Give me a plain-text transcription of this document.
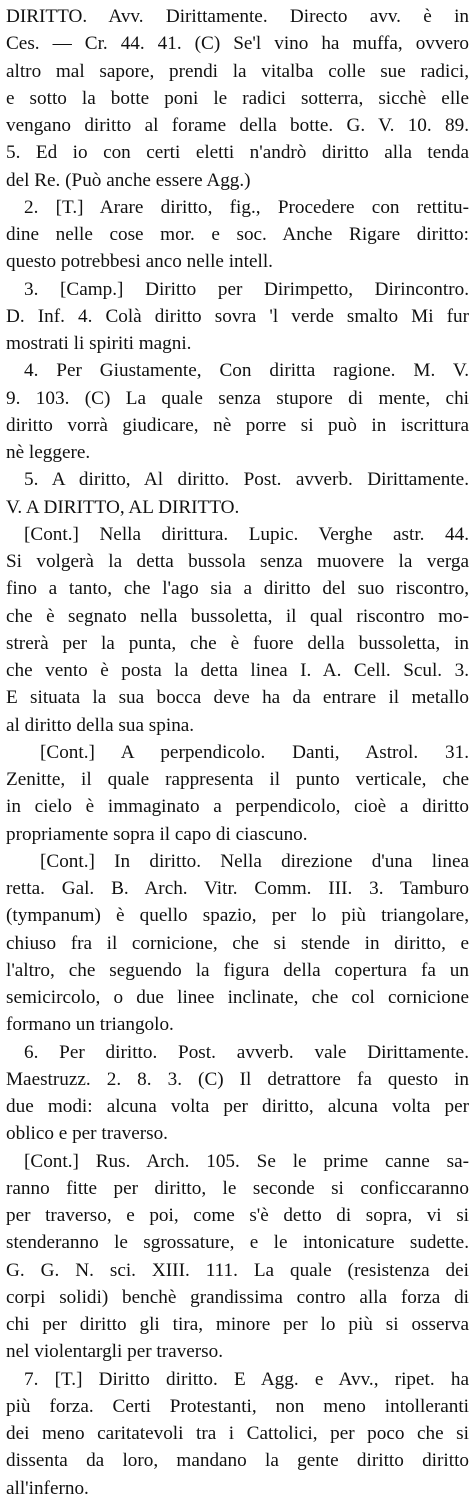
DIRITTO. Avv. Dirittamente. Directo avv. è in
Ces. — Cr. 44. 41. (C) Se'l vino ha muffa, ovvero
altro mal sapore, prendi la vitalba colle sue radici,
e sotto la botte poni le radici sotterra, sicchè elle
vengano diritto al forame della botte. G. V. 10. 89.
5. Ed io con certi eletti n'andrò diritto alla tenda
del Re. (Può anche essere Agg.)
2. [T.] Arare diritto, fig., Procedere con rettitu-
dine nelle cose mor. e soc. Anche Rigare diritto:
questo potrebbesi anco nelle intell.
3. [Camp.] Diritto per Dirimpetto, Dirincontro.
D. Inf. 4. Colà diritto sovra 'l verde smalto Mi fur
mostrati li spiriti magni.
4. Per Giustamente, Con diritta ragione. M. V.
9. 103. (C) La quale senza stupore di mente, chi
diritto vorrà giudicare, nè porre si può in iscrittura
nè leggere.
5. A diritto, Al diritto. Post. avverb. Dirittamente.
V. A DIRITTO, AL DIRITTO.
[Cont.] Nella dirittura. Lupic. Verghe astr. 44.
Si volgerà la detta bussola senza muovere la verga
fino a tanto, che l'ago sia a diritto del suo riscontro,
che è segnato nella bussoletta, il qual riscontro mo-
strerà per la punta, che è fuore della bussoletta, in
che vento è posta la detta linea I. A. Cell. Scul. 3.
E situata la sua bocca deve ha da entrare il metallo
al diritto della sua spina.
[Cont.] A perpendicolo. Danti, Astrol. 31.
Zenitte, il quale rappresenta il punto verticale, che
in cielo è immaginato a perpendicolo, cioè a diritto
propriamente sopra il capo di ciascuno.
[Cont.] In diritto. Nella direzione d'una linea
retta. Gal. B. Arch. Vitr. Comm. III. 3. Tamburo
(tympanum) è quello spazio, per lo più triangolare,
chiuso fra il cornicione, che si stende in diritto, e
l'altro, che seguendo la figura della copertura fa un
semicircolo, o due linee inclinate, che col cornicione
formano un triangolo.
6. Per diritto. Post. avverb. vale Dirittamente.
Maestruzz. 2. 8. 3. (C) Il detrattore fa questo in
due modi: alcuna volta per diritto, alcuna volta per
oblico e per traverso.
[Cont.] Rus. Arch. 105. Se le prime canne sa-
ranno fitte per diritto, le seconde si conficcaranno
per traverso, e poi, come s'è detto di sopra, vi si
stenderanno le sgrossature, e le intonicature sudette.
G. G. N. sci. XIII. 111. La quale (resistenza dei
corpi solidi) benchè grandissima contro alla forza di
chi per diritto gli tira, minore per lo più si osserva
nel violentargli per traverso.
7. [T.] Diritto diritto. E Agg. e Avv., ripet. ha
più forza. Certi Protestanti, non meno intolleranti
dei meno caritatevoli tra i Cattolici, per poco che si
dissenta da loro, mandano la gente diritto diritto
all'inferno.
